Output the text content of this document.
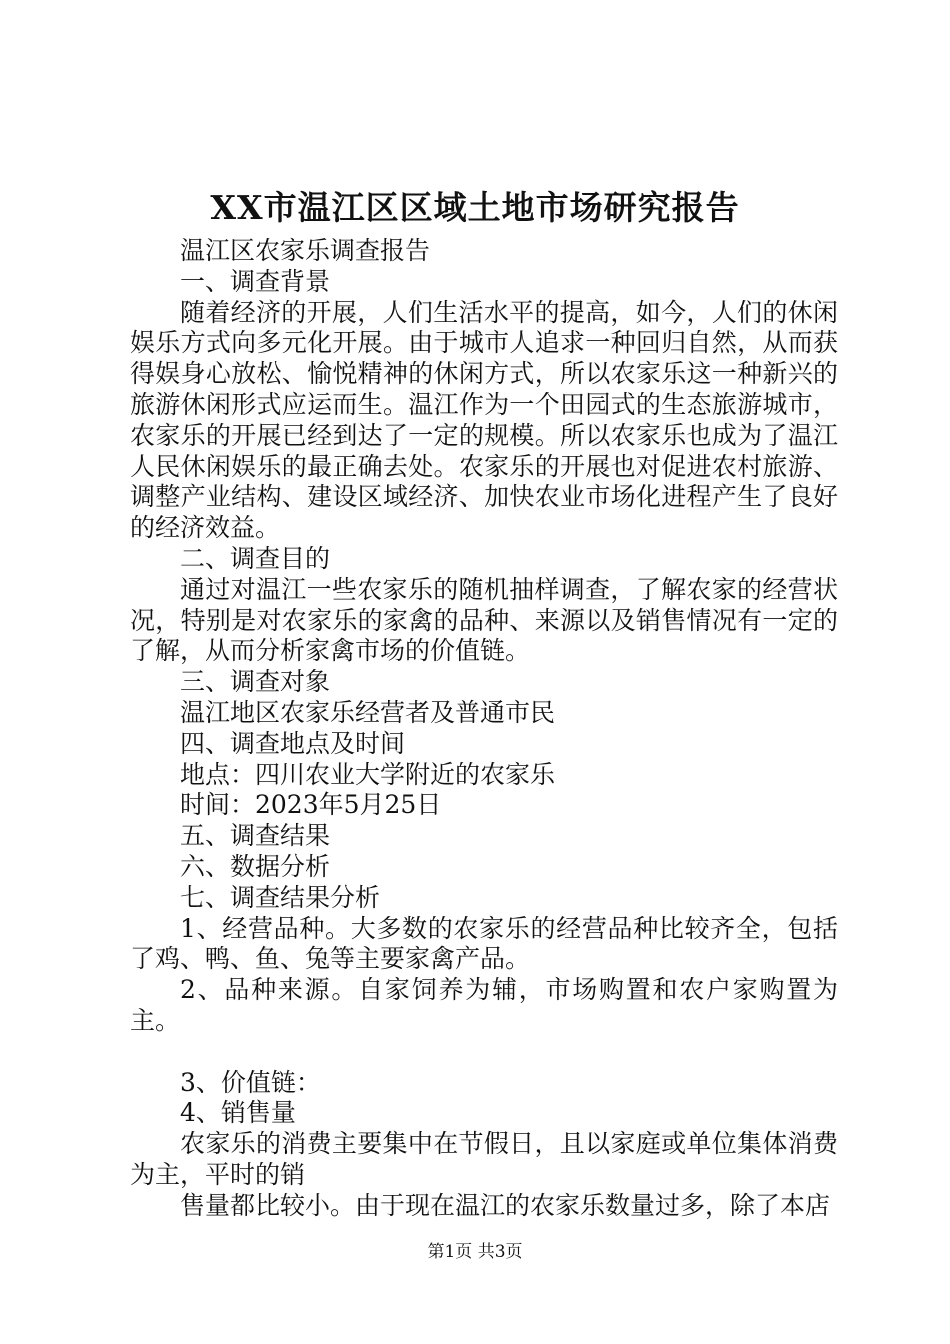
XX市温江区区域土地市场研究报告

温江区农家乐调查报告

一、调查背景

随着经济的开展，人们生活水平的提高，如今，人们的休闲娱乐方式向多元化开展。由于城市人追求一种回归自然，从而获得娱身心放松、愉悦精神的休闲方式，所以农家乐这一种新兴的旅游休闲形式应运而生。温江作为一个田园式的生态旅游城市，农家乐的开展已经到达了一定的规模。所以农家乐也成为了温江人民休闲娱乐的最正确去处。农家乐的开展也对促进农村旅游、调整产业结构、建设区域经济、加快农业市场化进程产生了良好的经济效益。

二、调查目的

通过对温江一些农家乐的随机抽样调查，了解农家的经营状况，特别是对农家乐的家禽的品种、来源以及销售情况有一定的了解，从而分析家禽市场的价值链。

三、调查对象

温江地区农家乐经营者及普通市民

四、调查地点及时间

地点：四川农业大学附近的农家乐

时间：2023年5月25日

五、调查结果

六、数据分析

七、调查结果分析

1、经营品种。大多数的农家乐的经营品种比较齐全，包括了鸡、鸭、鱼、兔等主要家禽产品。

2、品种来源。自家饲养为辅，市场购置和农户家购置为主。

3、价值链：

4、销售量

农家乐的消费主要集中在节假日，且以家庭或单位集体消费为主，平时的销

售量都比较小。由于现在温江的农家乐数量过多，除了本店

第1页 共3页
